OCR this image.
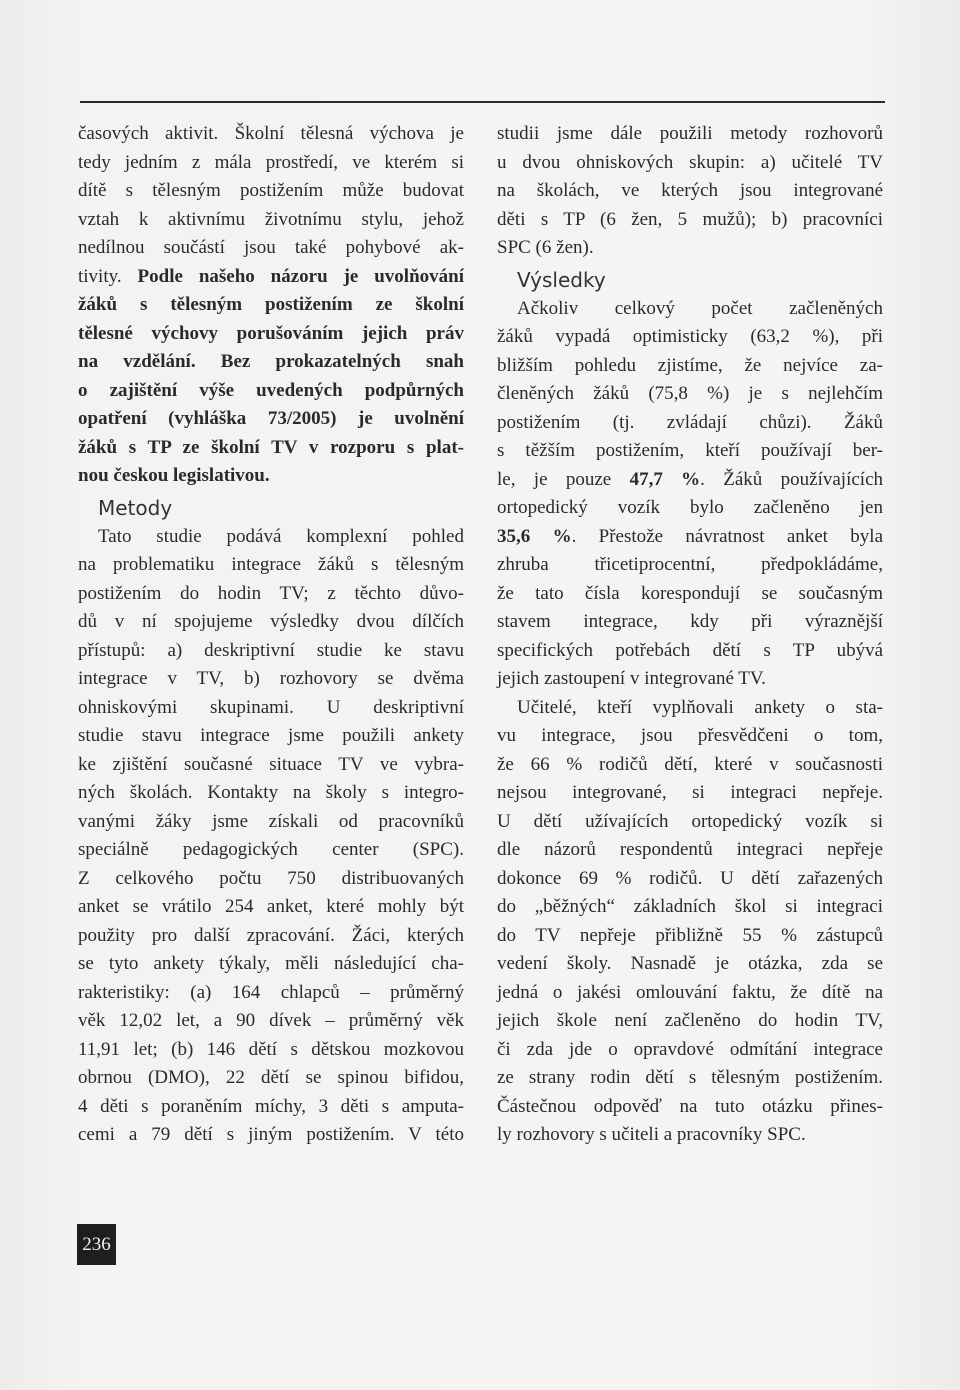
časových aktivit. Školní tělesná výchova je
tedy jedním z mála prostředí, ve kterém si
dítě s tělesným postižením může budovat
vztah k aktivnímu životnímu stylu, jehož
nedílnou součástí jsou také pohybové ak-
tivity. Podle našeho názoru je uvolňování
žáků s tělesným postižením ze školní
tělesné výchovy porušováním jejich práv
na vzdělání. Bez prokazatelných snah
o zajištění výše uvedených podpůrných
opatření (vyhláška 73/2005) je uvolnění
žáků s TP ze školní TV v rozporu s plat-
nou českou legislativou.
Metody
Tato studie podává komplexní pohled
na problematiku integrace žáků s tělesným
postižením do hodin TV; z těchto důvo-
dů v ní spojujeme výsledky dvou dílčích
přístupů: a) deskriptivní studie ke stavu
integrace v TV, b) rozhovory se dvěma
ohniskovými skupinami. U deskriptivní
studie stavu integrace jsme použili ankety
ke zjištění současné situace TV ve vybra-
ných školách. Kontakty na školy s integro-
vanými žáky jsme získali od pracovníků
speciálně pedagogických center (SPC).
Z celkového počtu 750 distribuovaných
anket se vrátilo 254 anket, které mohly být
použity pro další zpracování. Žáci, kterých
se tyto ankety týkaly, měli následující cha-
rakteristiky: (a) 164 chlapců – průměrný
věk 12,02 let, a 90 dívek – průměrný věk
11,91 let; (b) 146 dětí s dětskou mozkovou
obrnou (DMO), 22 dětí se spinou bifidou,
4 děti s poraněním míchy, 3 děti s amputa-
cemi a 79 dětí s jiným postižením. V této
studii jsme dále použili metody rozhovorů
u dvou ohniskových skupin: a) učitelé TV
na školách, ve kterých jsou integrované
děti s TP (6 žen, 5 mužů); b) pracovníci
SPC (6 žen).
Výsledky
Ačkoliv celkový počet začleněných
žáků vypadá optimisticky (63,2 %), při
bližším pohledu zjistíme, že nejvíce za-
členěných žáků (75,8 %) je s nejlehčím
postižením (tj. zvládají chůzi). Žáků
s těžším postižením, kteří používají ber-
le, je pouze 47,7 %. Žáků používajících
ortopedický vozík bylo začleněno jen
35,6 %. Přestože návratnost anket byla
zhruba třicetiprocentní, předpokládáme,
že tato čísla korespondují se současným
stavem integrace, kdy při výraznější
specifických potřebách dětí s TP ubývá
jejich zastoupení v integrované TV.
Učitelé, kteří vyplňovali ankety o sta-
vu integrace, jsou přesvědčeni o tom,
že 66 % rodičů dětí, které v současnosti
nejsou integrované, si integraci nepřeje.
U dětí užívajících ortopedický vozík si
dle názorů respondentů integraci nepřeje
dokonce 69 % rodičů. U dětí zařazených
do „běžných“ základních škol si integraci
do TV nepřeje přibližně 55 % zástupců
vedení školy. Nasnadě je otázka, zda se
jedná o jakési omlouvání faktu, že dítě na
jejich škole není začleněno do hodin TV,
či zda jde o opravdové odmítání integrace
ze strany rodin dětí s tělesným postižením.
Částečnou odpověď na tuto otázku přines-
ly rozhovory s učiteli a pracovníky SPC.
236
